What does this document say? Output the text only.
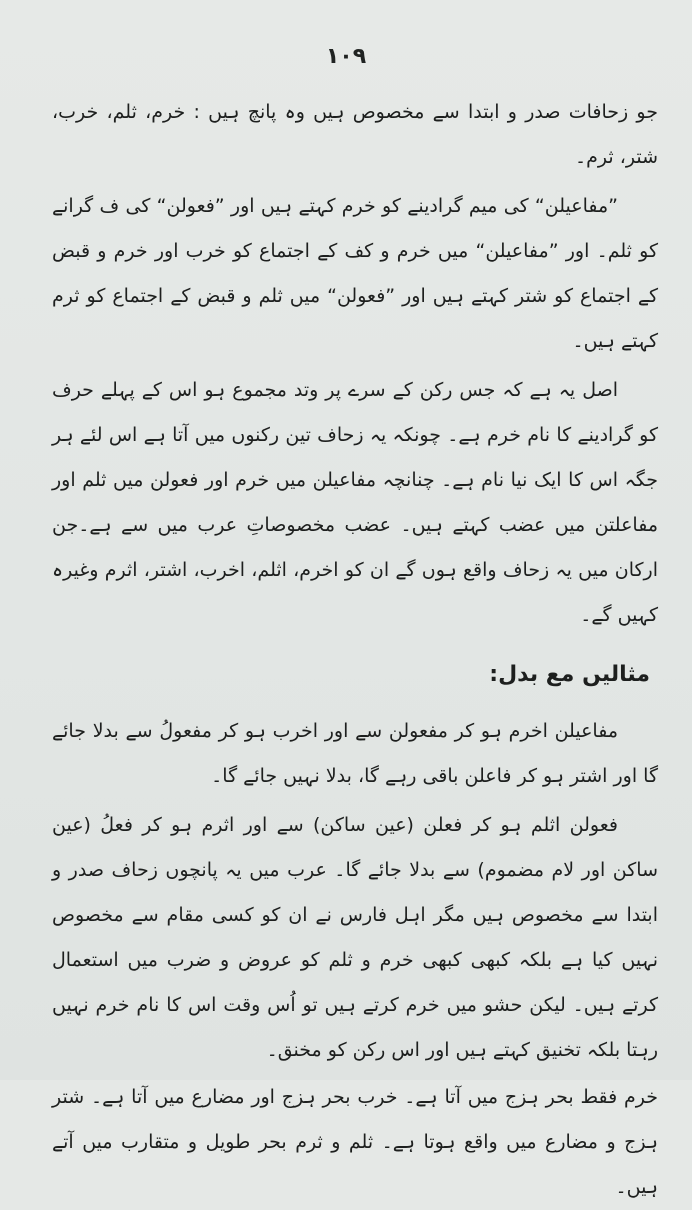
۱۰۹

جو زحافات صدر و ابتدا سے مخصوص ہیں وہ پانچ ہیں : خرم، ثلم، خرب، شتر، ثرم۔

”مفاعیلن“ کی میم گرادینے کو خرم کہتے ہیں اور ”فعولن“ کی ف گرانے کو ثلم۔ اور ”مفاعیلن“ میں خرم و کف کے اجتماع کو خرب اور خرم و قبض کے اجتماع کو شتر کہتے ہیں اور ”فعولن“ میں ثلم و قبض کے اجتماع کو ثرم کہتے ہیں۔

اصل یہ ہے کہ جس رکن کے سرے پر وتد مجموع ہو اس کے پہلے حرف کو گرادینے کا نام خرم ہے۔ چونکہ یہ زحاف تین رکنوں میں آتا ہے اس لئے ہر جگہ اس کا ایک نیا نام ہے۔ چنانچہ مفاعیلن میں خرم اور فعولن میں ثلم اور مفاعلتن میں عضب کہتے ہیں۔ عضب مخصوصاتِ عرب میں سے ہے۔جن ارکان میں یہ زحاف واقع ہوں گے ان کو اخرم، اثلم، اخرب، اشتر، اثرم وغیرہ کہیں گے۔

مثالیں مع بدل:

مفاعیلن اخرم ہو کر مفعولن سے اور اخرب ہو کر مفعولُ سے بدلا جائے گا اور اشتر ہو کر فاعلن باقی رہے گا، بدلا نہیں جائے گا۔

فعولن اثلم ہو کر فعلن (عین ساکن) سے اور اثرم ہو کر فعلُ (عین ساکن اور لام مضموم) سے بدلا جائے گا۔ عرب میں یہ پانچوں زحاف صدر و ابتدا سے مخصوص ہیں مگر اہل فارس نے ان کو کسی مقام سے مخصوص نہیں کیا ہے بلکہ کبھی کبھی خرم و ثلم کو عروض و ضرب میں استعمال کرتے ہیں۔ لیکن حشو میں خرم کرتے ہیں تو اُس وقت اس کا نام خرم نہیں رہتا بلکہ تخنیق کہتے ہیں اور اس رکن کو مخنق۔

خرم فقط بحر ہزج میں آتا ہے۔ خرب بحر ہزج اور مضارع میں آتا ہے۔ شتر ہزج و مضارع میں واقع ہوتا ہے۔ ثلم و ثرم بحر طویل و متقارب میں آتے ہیں۔
